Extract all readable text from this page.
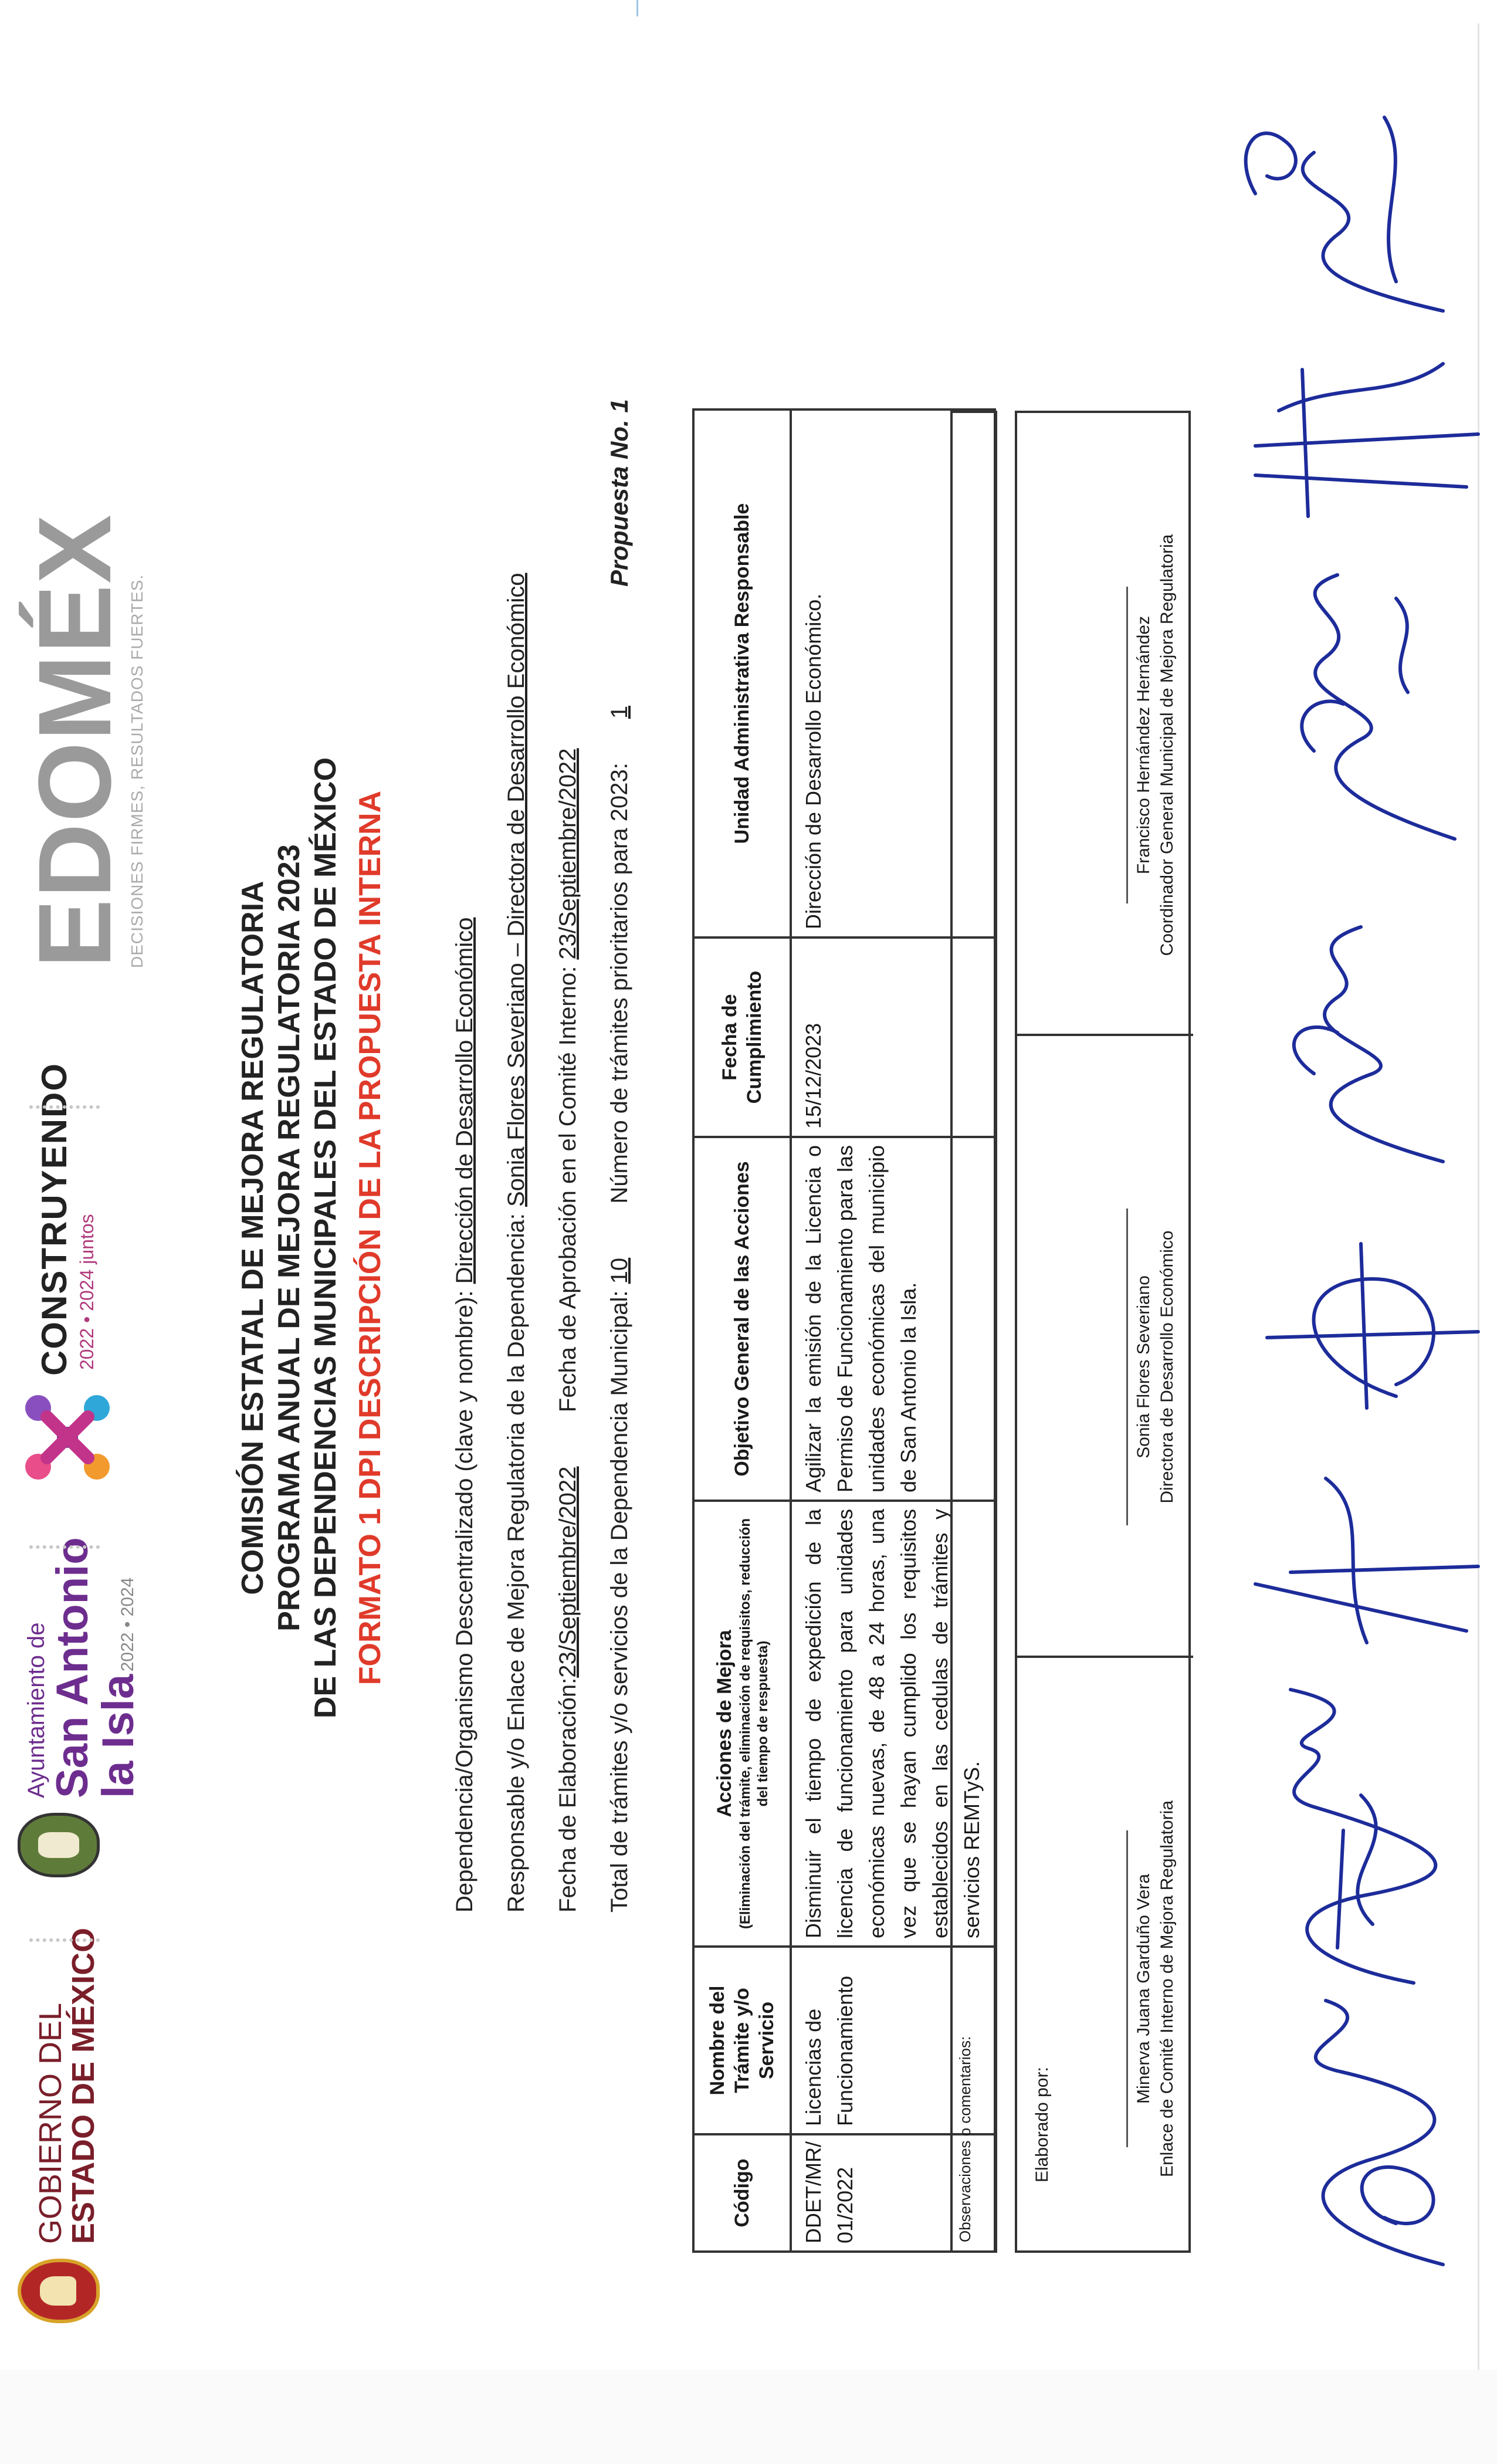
GOBIERNO DEL
ESTADO DE MÉXICO
Ayuntamiento de
San Antonio
la Isla 2022 • 2024
CONSTRUYENDO 2022 • 2024 juntos
EDOMÉX
DECISIONES FIRMES, RESULTADOS FUERTES.
COMISIÓN ESTATAL DE MEJORA REGULATORIA PROGRAMA ANUAL DE MEJORA REGULATORIA 2023 DE LAS DEPENDENCIAS MUNICIPALES DEL ESTADO DE MÉXICO FORMATO 1 DPI DESCRIPCIÓN DE LA PROPUESTA INTERNA	Dependencia/Organismo Descentralizado (clave y nombre): Dirección de Desarrollo Económico
Responsable y/o Enlace de Mejora Regulatoria de la Dependencia: Sonia Flores Severiano – Directora de Desarrollo Económico
Fecha de Elaboración:23/Septiembre/2022  Fecha de Aprobación en el Comité Interno: 23/Septiembre/2022
Total de trámites y/o servicios de la Dependencia Municipal: 10  Número de trámites prioritarios para 2023: 1
Propuesta No. 1
Código	Nombre del Trámite y/o Servicio	Acciones de Mejora (Eliminación del trámite, eliminación de requisitos, reducción del tiempo de respuesta)	Objetivo General de las Acciones	Fecha de Cumplimiento	Unidad Administrativa Responsable
DDET/MR/ 01/2022	Licencias de Funcionamiento	Disminuir el tiempo de expedición de la licencia de funcionamiento para unidades económicas nuevas, de 48 a 24 horas, una vez que se hayan cumplido los requisitos establecidos en las cedulas de trámites y servicios REMTyS.	Agilizar la emisión de la Licencia o Permiso de Funcionamiento para las unidades económicas del municipio de San Antonio la Isla.	15/12/2023	Dirección de Desarrollo Económico.
Observaciones o comentarios:	Elaborado por:
Minerva Juana Garduño Vera Enlace de Comité Interno de Mejora Regulatoria
Sonia Flores Severiano Directora de Desarrollo Económico
Francisco Hernández Hernández Coordinador General Municipal de Mejora Regulatoria
